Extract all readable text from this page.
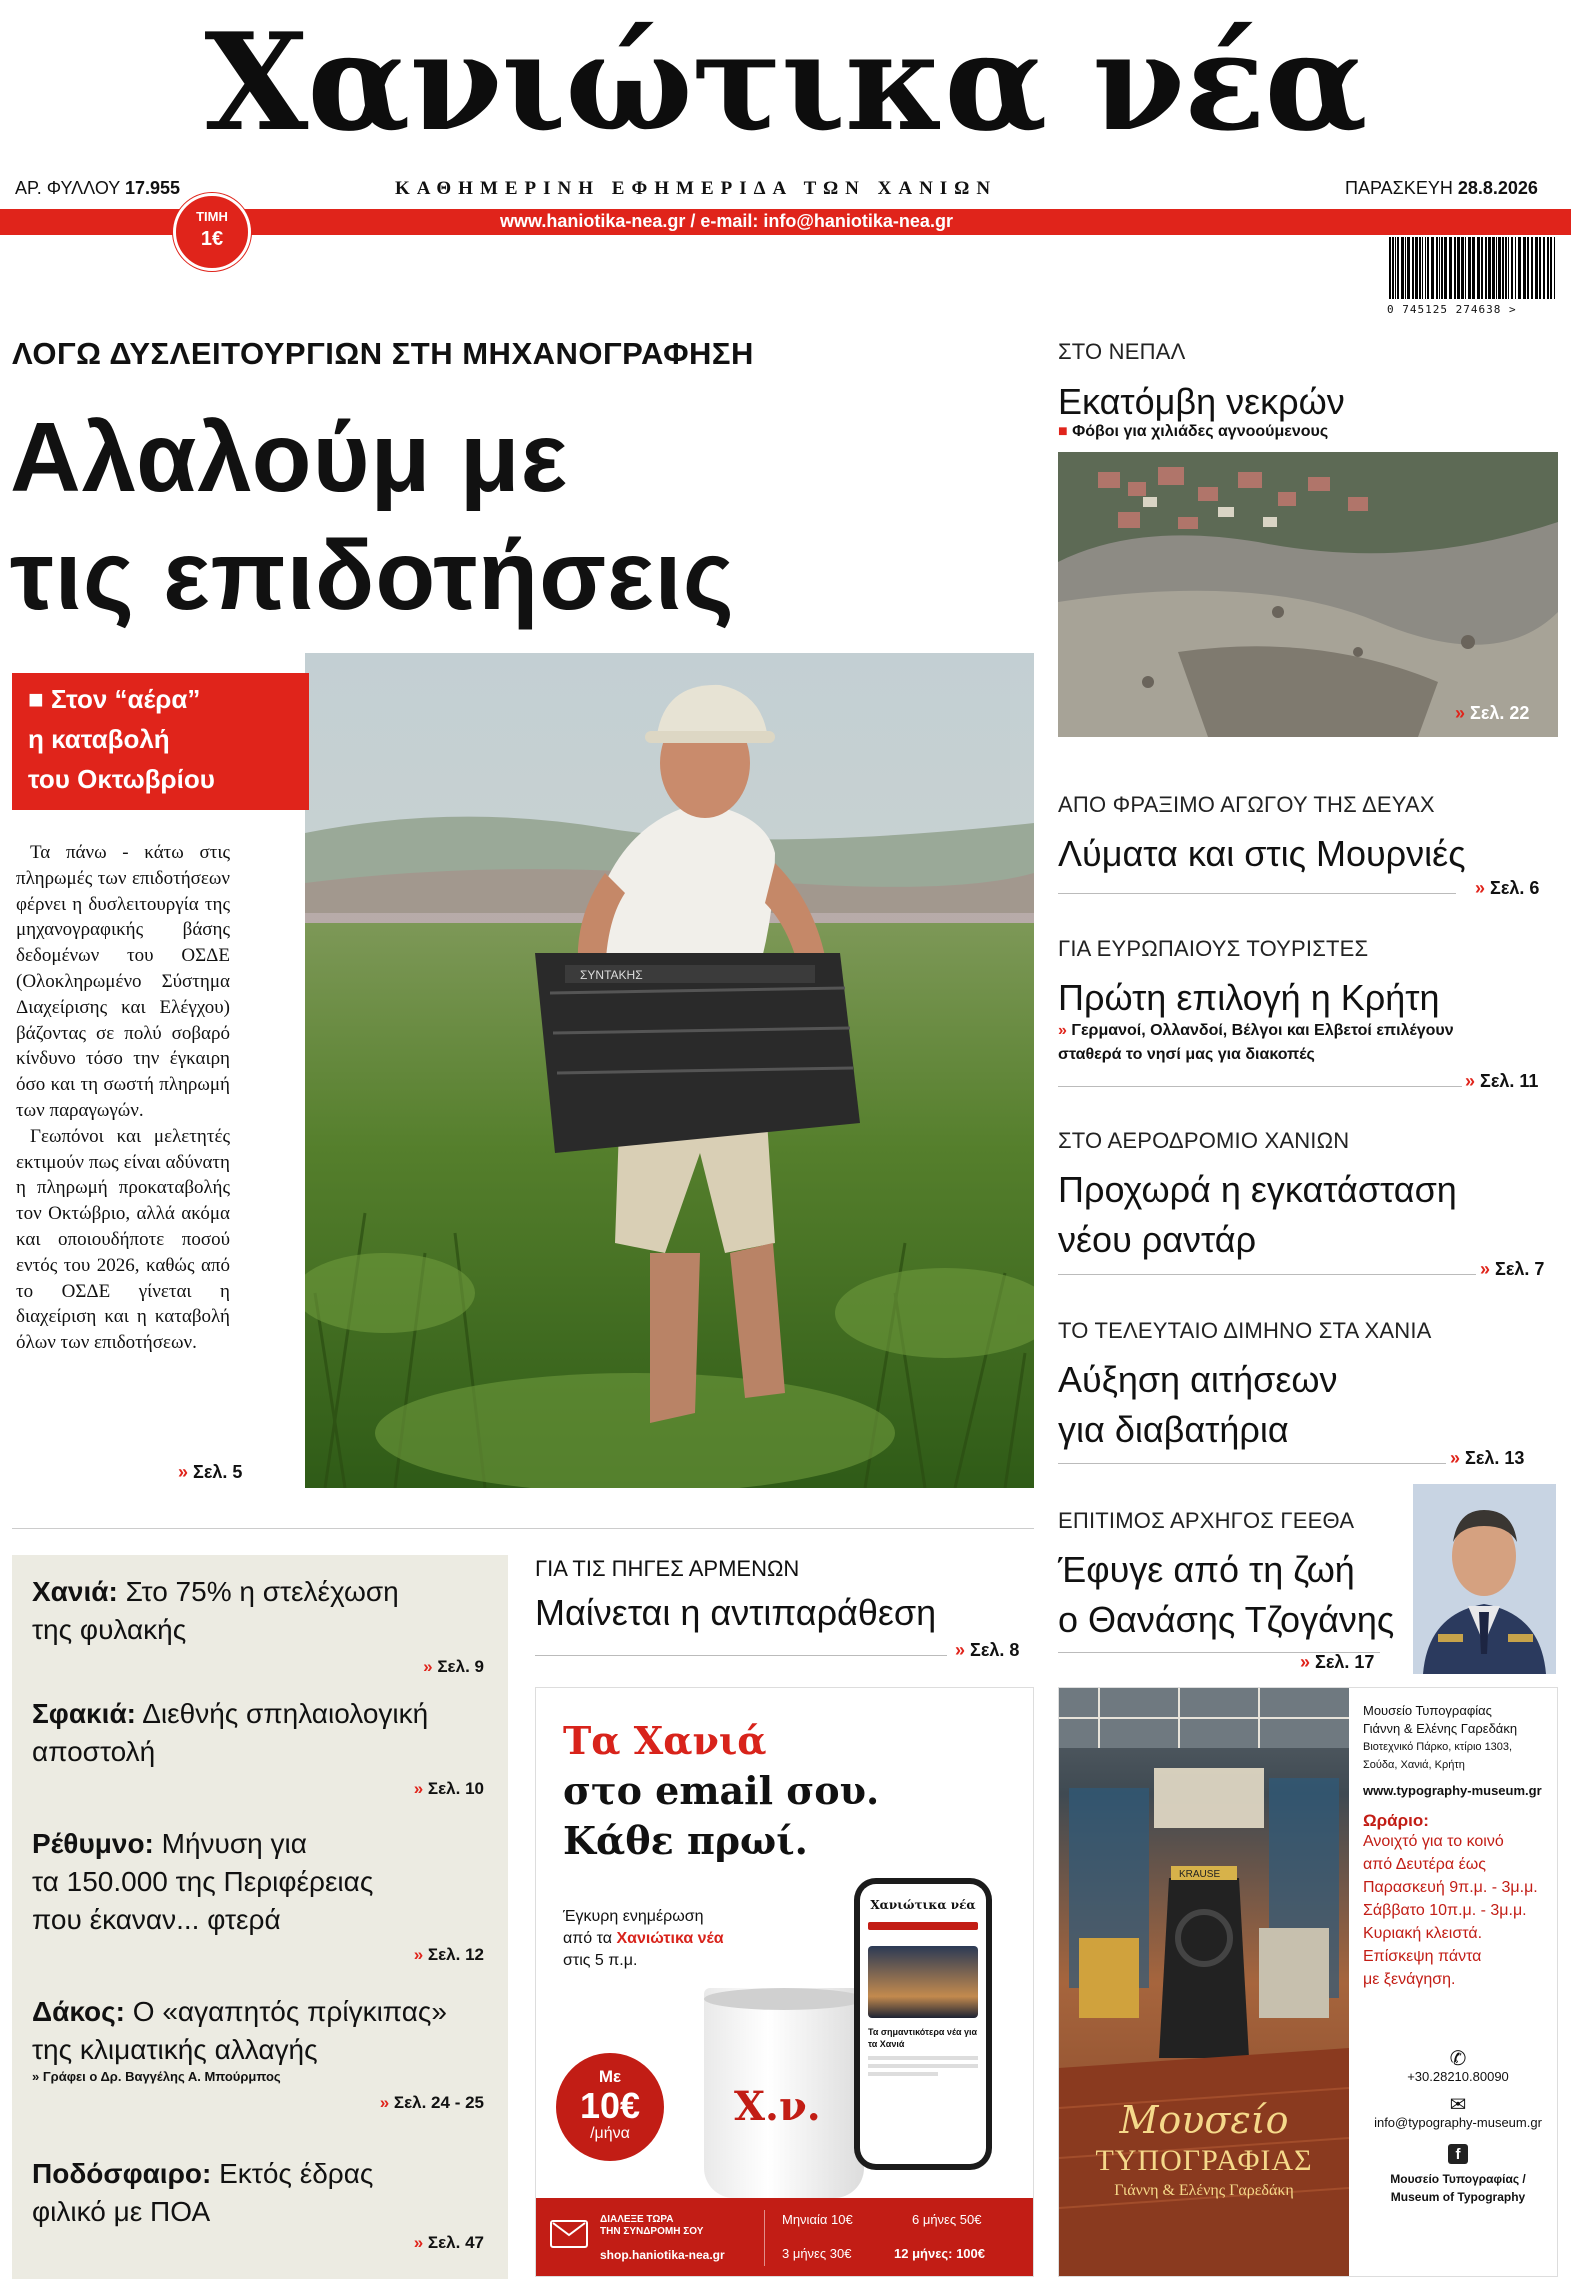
Χανιώτικα νέα
ΑΡ. ΦΥΛΛΟΥ 17.955	ΚΑΘΗΜΕΡΙΝΗ ΕΦΗΜΕΡΙΔΑ ΤΩΝ ΧΑΝΙΩΝ	ΠΑΡΑΣΚΕΥΗ 28.8.2026
www.haniotika-nea.gr / e-mail: info@haniotika-nea.gr
ΤΙΜΗ
1€
0 745125 274638 >
ΛΟΓΩ ΔΥΣΛΕΙΤΟΥΡΓΙΩΝ ΣΤΗ ΜΗΧΑΝΟΓΡΑΦΗΣΗ
Αλαλούμ με
τις επιδοτήσεις
ΣΥΝΤΑΚΗΣ
■ Στον “αέρα”
η καταβολή
του Οκτωβρίου

Τα πάνω - κάτω στις πληρωμές των επιδοτήσεων φέρνει η δυσλειτουργία της μηχανογραφικής βάσης δεδομένων του ΟΣΔΕ (Ολοκληρωμένο Σύστημα Διαχείρισης και Ελέγχου) βάζοντας σε πολύ σοβαρό κίνδυνο τόσο την έγκαιρη όσο και τη σωστή πληρωμή των παραγωγών.

Γεωπόνοι και μελετητές εκτιμούν πως είναι αδύνατη η πληρωμή προκαταβολής τον Οκτώβριο, αλλά ακόμα και οποιουδήποτε ποσού εντός του 2026, καθώς από το ΟΣΔΕ γίνεται η διαχείριση και η καταβολή όλων των επιδοτήσεων.

» Σελ. 5
ΣΤΟ ΝΕΠΑΛ
Εκατόμβη νεκρών
■ Φόβοι για χιλιάδες αγνοούμενους
» Σελ. 22
ΑΠΟ ΦΡΑΞΙΜΟ ΑΓΩΓΟΥ ΤΗΣ ΔΕΥΑΧ
Λύματα και στις Μουρνιές
» Σελ. 6
ΓΙΑ ΕΥΡΩΠΑΙΟΥΣ ΤΟΥΡΙΣΤΕΣ
Πρώτη επιλογή η Κρήτη
» Γερμανοί, Ολλανδοί, Βέλγοι και Ελβετοί επιλέγουν
σταθερά το νησί μας για διακοπές
» Σελ. 11
ΣΤΟ ΑΕΡΟΔΡΟΜΙΟ ΧΑΝΙΩΝ
Προχωρά η εγκατάσταση
νέου ραντάρ
» Σελ. 7
ΤΟ ΤΕΛΕΥΤΑΙΟ ΔΙΜΗΝΟ ΣΤΑ ΧΑΝΙΑ
Αύξηση αιτήσεων
για διαβατήρια
» Σελ. 13
ΕΠΙΤΙΜΟΣ ΑΡΧΗΓΟΣ ΓΕΕΘΑ
Έφυγε από τη ζωή
ο Θανάσης Τζογάνης
» Σελ. 17
Χανιά: Στο 75% η στελέχωση
της φυλακής
» Σελ. 9
Σφακιά: Διεθνής σπηλαιολογική
αποστολή
» Σελ. 10
Ρέθυμνο: Μήνυση για
τα 150.000 της Περιφέρειας
που έκαναν... φτερά
» Σελ. 12
Δάκος: Ο «αγαπητός πρίγκιπας»
της κλιματικής αλλαγής
» Γράφει ο Δρ. Βαγγέλης Α. Μπούρμπος
» Σελ. 24 - 25
Ποδόσφαιρο: Εκτός έδρας
φιλικό με ΠΟΑ
» Σελ. 47
ΓΙΑ ΤΙΣ ΠΗΓΕΣ ΑΡΜΕΝΩΝ
Μαίνεται η αντιπαράθεση
» Σελ. 8
Τα Χανιά
στο email σου.
Κάθε πρωί.
Έγκυρη ενημέρωση
από τα Χανιώτικα νέα
στις 5 π.μ.
Χ.ν.
Με
10€
/μήνα
Χανιώτικα νέα
Τα σημαντικότερα νέα για τα Χανιά
ΔΙΑΛΕΞΕ ΤΩΡΑ
ΤΗΝ ΣΥΝΔΡΟΜΗ ΣΟΥ
shop.haniotika-nea.gr
Μηνιαία 10€	6 μήνες 50€
3 μήνες 30€	12 μήνες: 100€
KRAUSE
Μουσείο
ΤΥΠΟΓΡΑΦΙΑΣ
Γιάννη & Ελένης Γαρεδάκη
Μουσείο Τυπογραφίας
Γιάννη & Ελένης Γαρεδάκη
Βιοτεχνικό Πάρκο, κτίριο 1303,
Σούδα, Χανιά, Κρήτη
www.typography-museum.gr
Ωράριο:
Ανοιχτό για το κοινό
από Δευτέρα έως
Παρασκευή 9π.μ. - 3μ.μ.
Σάββατο 10π.μ. - 3μ.μ.
Κυριακή κλειστά.
Επίσκεψη πάντα
με ξενάγηση.
✆
+30.28210.80090
✉
info@typography-museum.gr
f
Μουσείο Τυπογραφίας /
Museum of Typography
